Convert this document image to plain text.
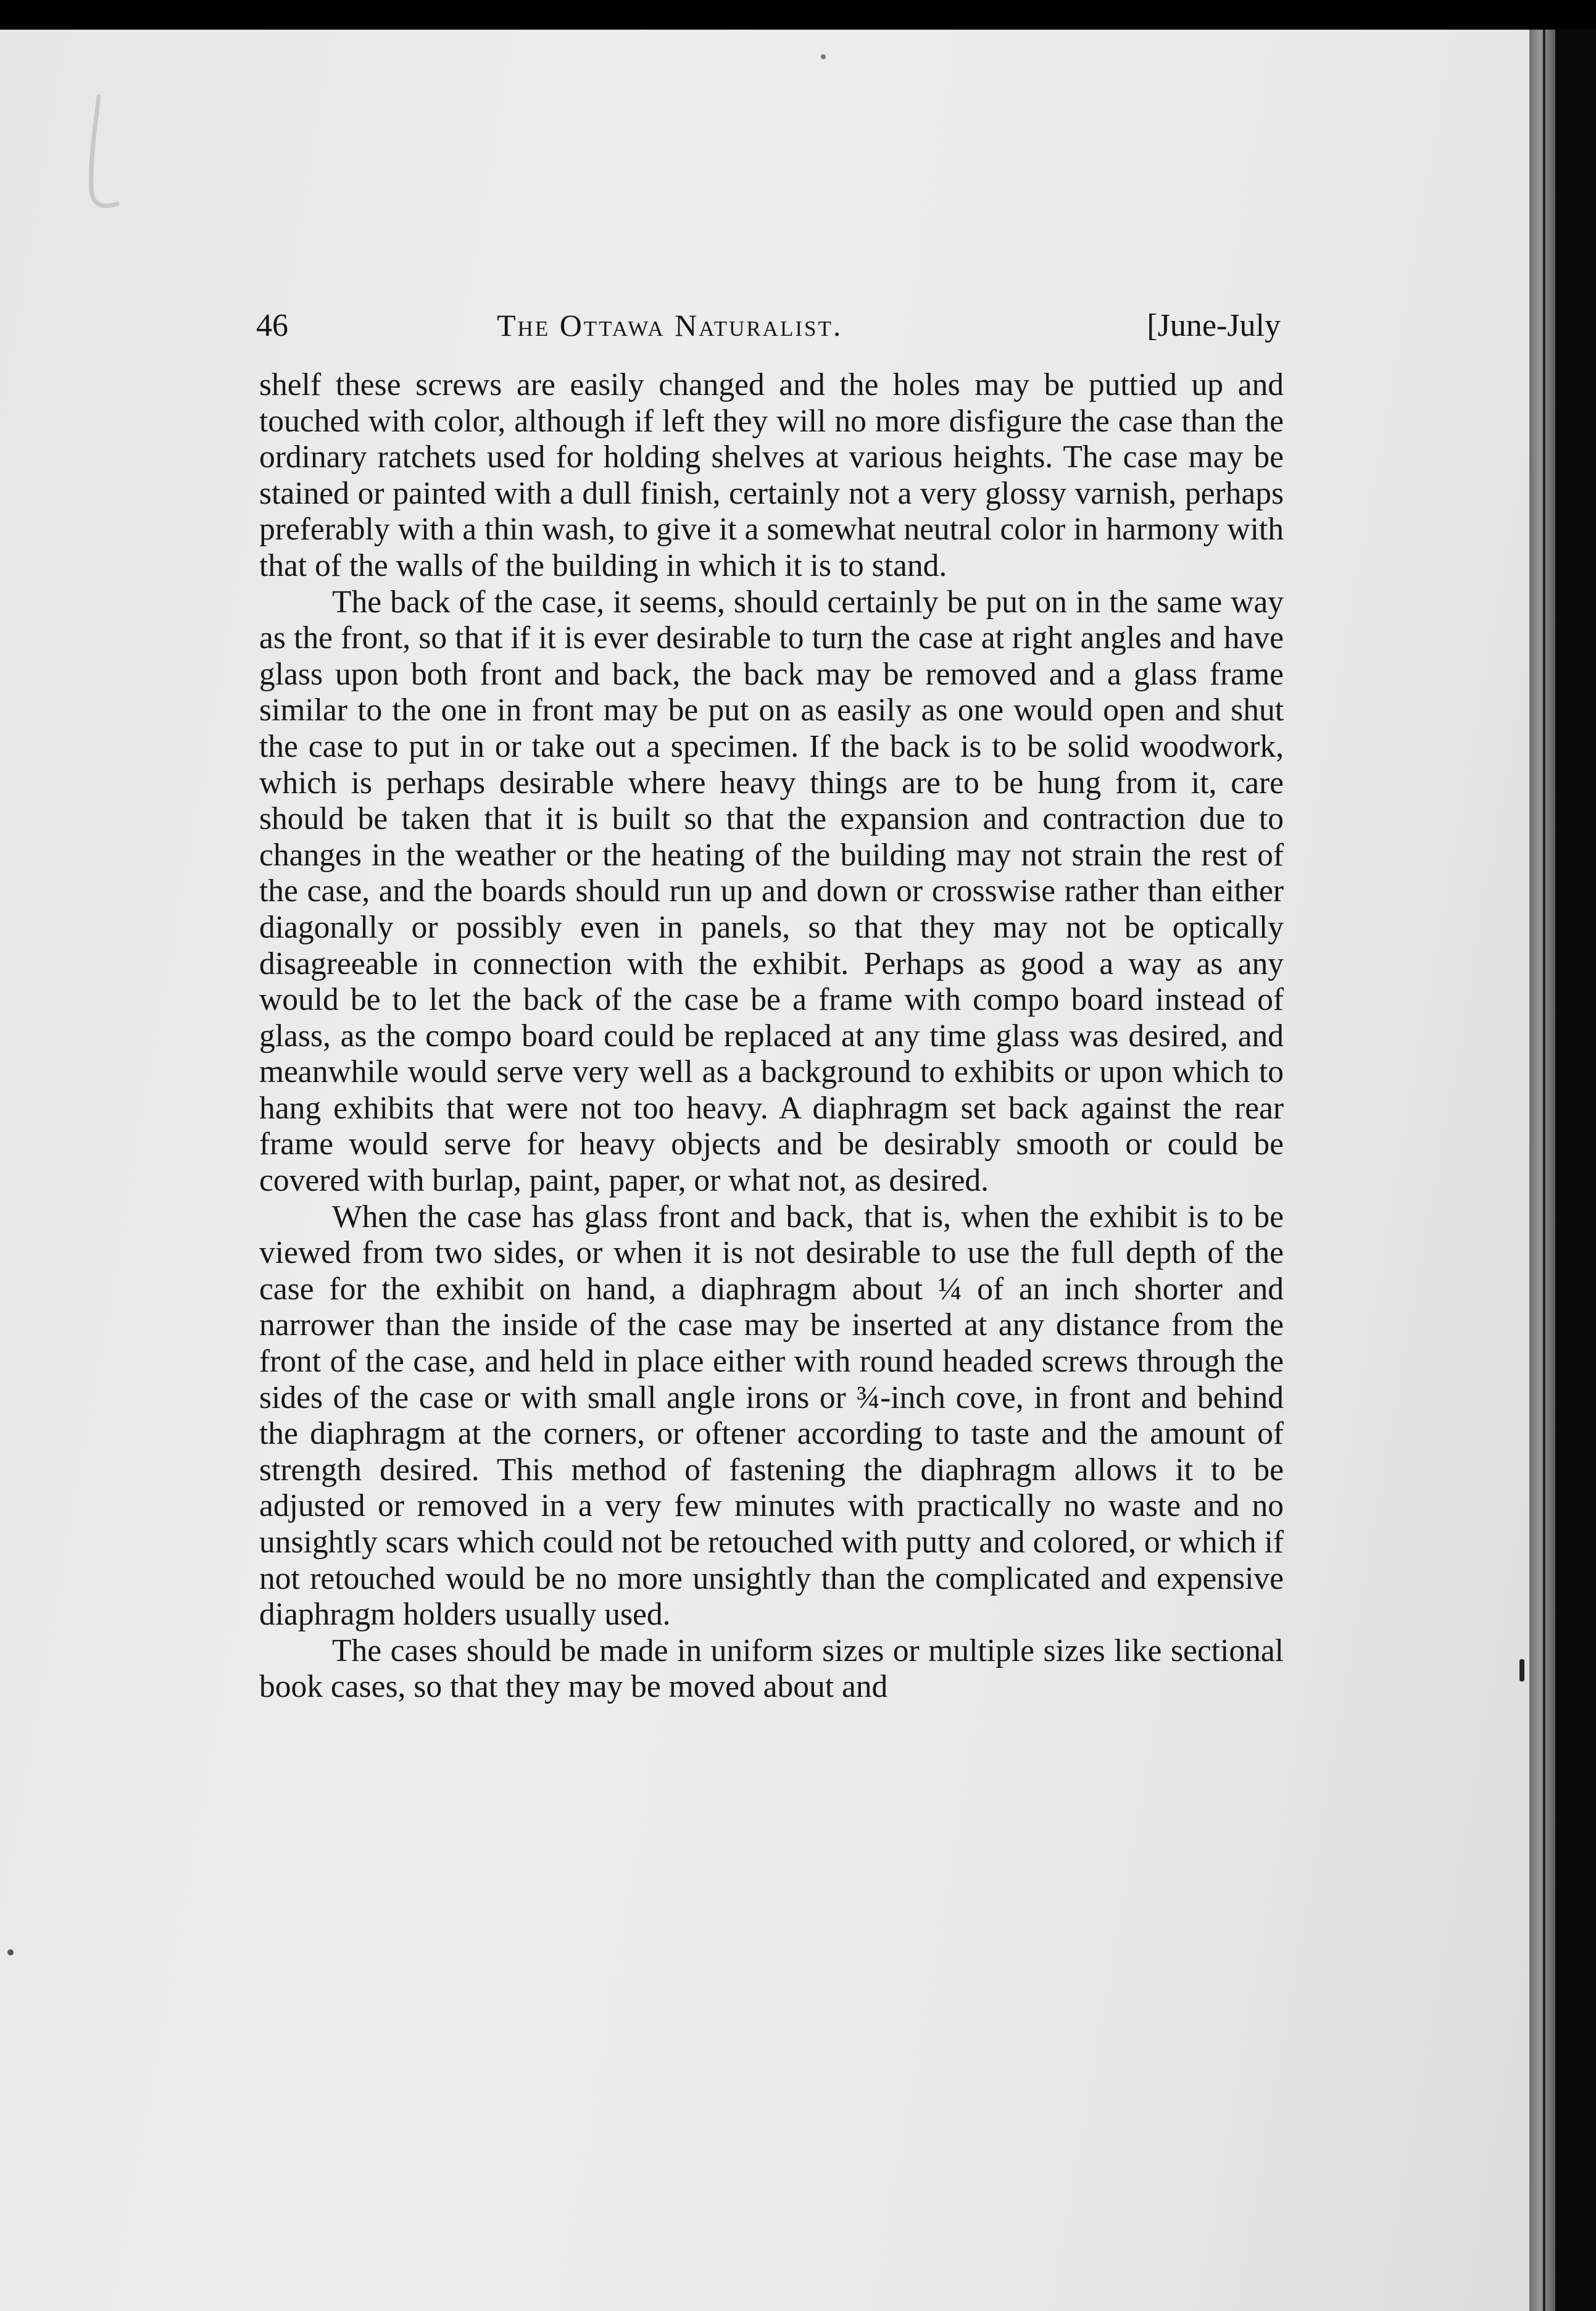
46	The Ottawa Naturalist.	[June-July

shelf these screws are easily changed and the holes may be puttied up and touched with color, although if left they will no more disfigure the case than the ordinary ratchets used for holding shelves at various heights. The case may be stained or painted with a dull finish, certainly not a very glossy varnish, perhaps preferably with a thin wash, to give it a somewhat neutral color in harmony with that of the walls of the building in which it is to stand.

The back of the case, it seems, should certainly be put on in the same way as the front, so that if it is ever desirable to turn the case at right angles and have glass upon both front and back, the back may be removed and a glass frame similar to the one in front may be put on as easily as one would open and shut the case to put in or take out a specimen. If the back is to be solid woodwork, which is perhaps desirable where heavy things are to be hung from it, care should be taken that it is built so that the expansion and contraction due to changes in the weather or the heating of the building may not strain the rest of the case, and the boards should run up and down or crosswise rather than either diagonally or possibly even in panels, so that they may not be optically disagreeable in connection with the exhibit. Perhaps as good a way as any would be to let the back of the case be a frame with compo board instead of glass, as the compo board could be replaced at any time glass was desired, and meanwhile would serve very well as a background to exhibits or upon which to hang exhibits that were not too heavy. A diaphragm set back against the rear frame would serve for heavy objects and be desirably smooth or could be covered with burlap, paint, paper, or what not, as desired.

When the case has glass front and back, that is, when the exhibit is to be viewed from two sides, or when it is not desirable to use the full depth of the case for the exhibit on hand, a diaphragm about ¼ of an inch shorter and narrower than the inside of the case may be inserted at any distance from the front of the case, and held in place either with round headed screws through the sides of the case or with small angle irons or ¾-inch cove, in front and behind the diaphragm at the corners, or oftener according to taste and the amount of strength desired. This method of fastening the diaphragm allows it to be adjusted or removed in a very few minutes with practically no waste and no unsightly scars which could not be retouched with putty and colored, or which if not retouched would be no more unsightly than the complicated and expensive diaphragm holders usually used.

The cases should be made in uniform sizes or multiple sizes like sectional book cases, so that they may be moved about and
